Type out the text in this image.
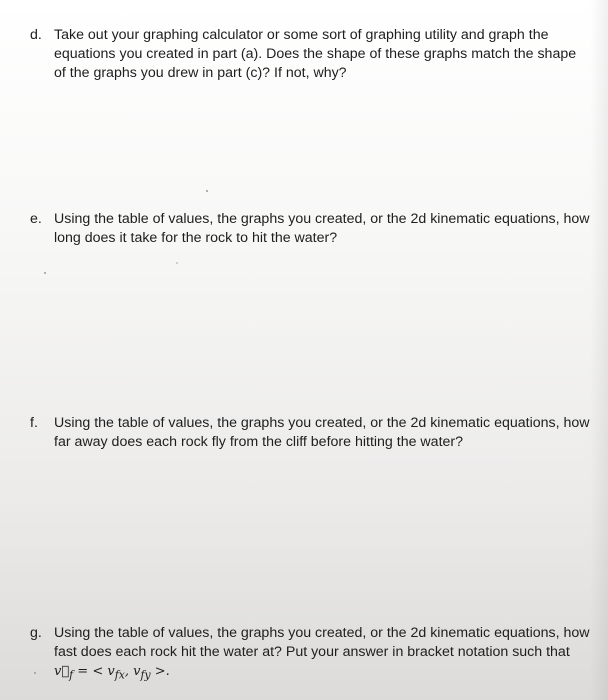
d. Take out your graphing calculator or some sort of graphing utility and graph the equations you created in part (a). Does the shape of these graphs match the shape of the graphs you drew in part (c)? If not, why?
e. Using the table of values, the graphs you created, or the 2d kinematic equations, how long does it take for the rock to hit the water?
f.	Using the table of values, the graphs you created, or the 2d kinematic equations, how far away does each rock fly from the cliff before hitting the water?
g. Using the table of values, the graphs you created, or the 2d kinematic equations, how fast does each rock hit the water at? Put your answer in bracket notation such that $v⃗_f$ = < $v_{fx}$, $v_{fy}$ >.
